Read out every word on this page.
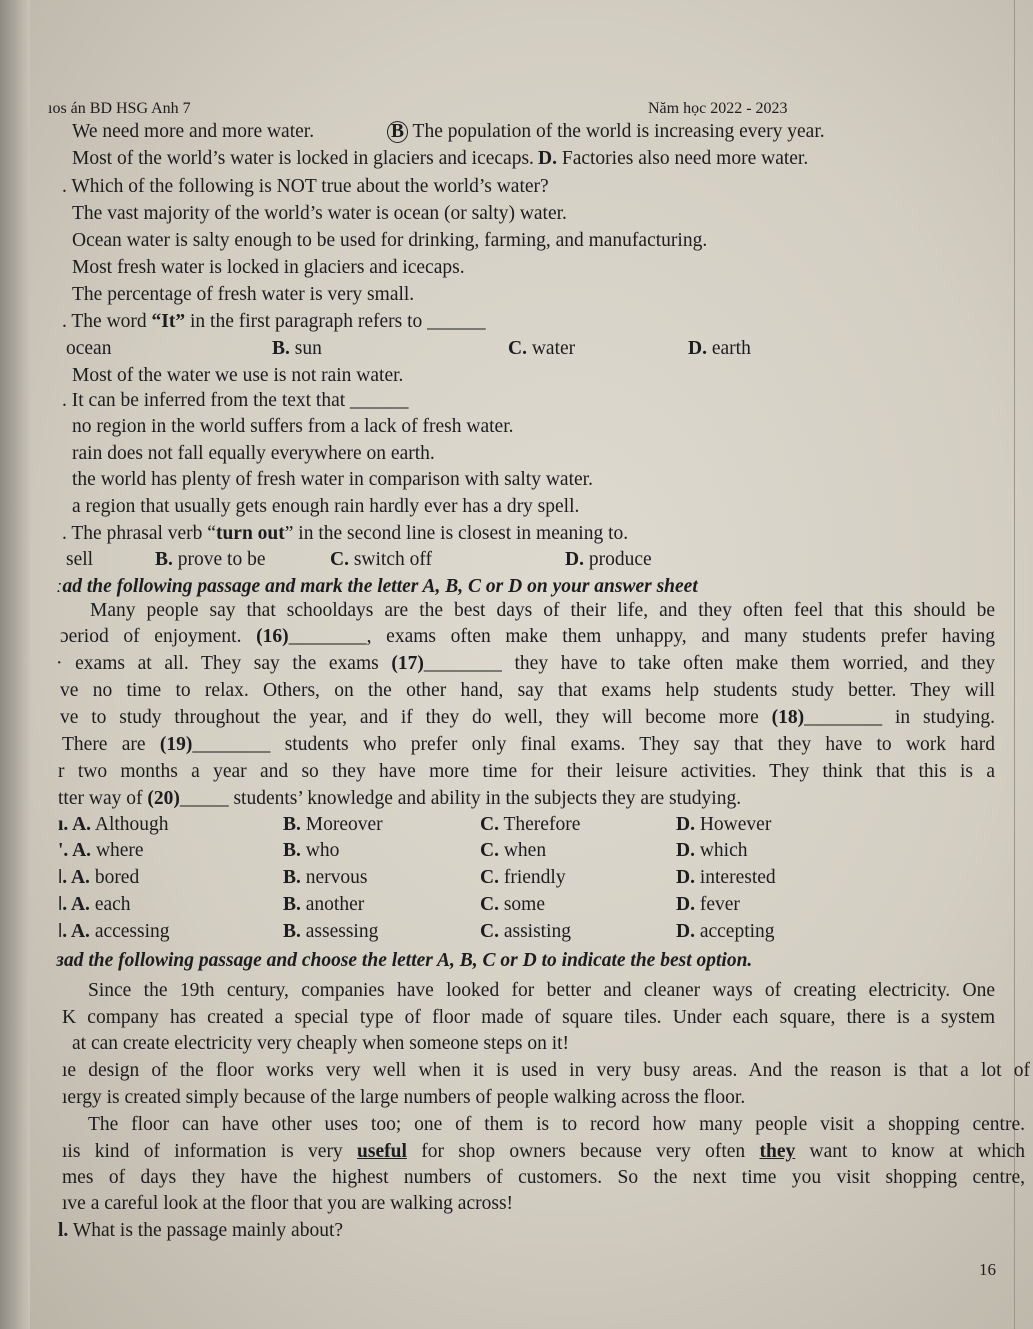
ıos án BD HSG Anh 7	Năm học 2022 - 2023
We need more and more water.	B The population of the world is increasing every year.
Most of the world’s water is locked in glaciers and icecaps. D. Factories also need more water.
. Which of the following is NOT true about the world’s water?
The vast majority of the world’s water is ocean (or salty) water.
Ocean water is salty enough to be used for drinking, farming, and manufacturing.
Most fresh water is locked in glaciers and icecaps.
The percentage of fresh water is very small.
. The word “It” in the first paragraph refers to ______
ocean	B. sun	C. water	D. earth
Most of the water we use is not rain water.
. It can be inferred from the text that ______
no region in the world suffers from a lack of fresh water.
rain does not fall equally everywhere on earth.
the world has plenty of fresh water in comparison with salty water.
a region that usually gets enough rain hardly ever has a dry spell.
. The phrasal verb “turn out” in the second line is closest in meaning to.
sell	B. prove to be	C. switch off	D. produce
ːad the following passage and mark the letter A, B, C or D on your answer sheet
Many people say that schooldays are the best days of their life, and they often feel that this should be
ɔeriod of enjoyment. (16)________, exams often make them unhappy, and many students prefer having
· exams at all. They say the exams (17)________ they have to take often make them worried, and they
ve no time to relax. Others, on the other hand, say that exams help students study better. They will
ve to study throughout the year, and if they do well, they will become more (18)________ in studying.
There are (19)________ students who prefer only final exams. They say that they have to work hard
r two months a year and so they have more time for their leisure activities. They think that this is a
tter way of (20)_____ students’ knowledge and ability in the subjects they are studying.
ı. A. Although	B. Moreover	C. Therefore	D. However
'. A. where	B. who	C. when	D. which
ǀ. A. bored	B. nervous	C. friendly	D. interested
ǀ. A. each	B. another	C. some	D. fever
ǀ. A. accessing	B. assessing	C. assisting	D. accepting
ɜad the following passage and choose the letter A, B, C or D to indicate the best option.
Since the 19th century, companies have looked for better and cleaner ways of creating electricity. One
K company has created a special type of floor made of square tiles. Under each square, there is a system
at can create electricity very cheaply when someone steps on it!
ıe design of the floor works very well when it is used in very busy areas. And the reason is that a lot of
ıergy is created simply because of the large numbers of people walking across the floor.
The floor can have other uses too; one of them is to record how many people visit a shopping centre.
ıis kind of information is very useful for shop owners because very often they want to know at which
mes of days they have the highest numbers of customers. So the next time you visit shopping centre,
ıve a careful look at the floor that you are walking across!
l. What is the passage mainly about?
16
